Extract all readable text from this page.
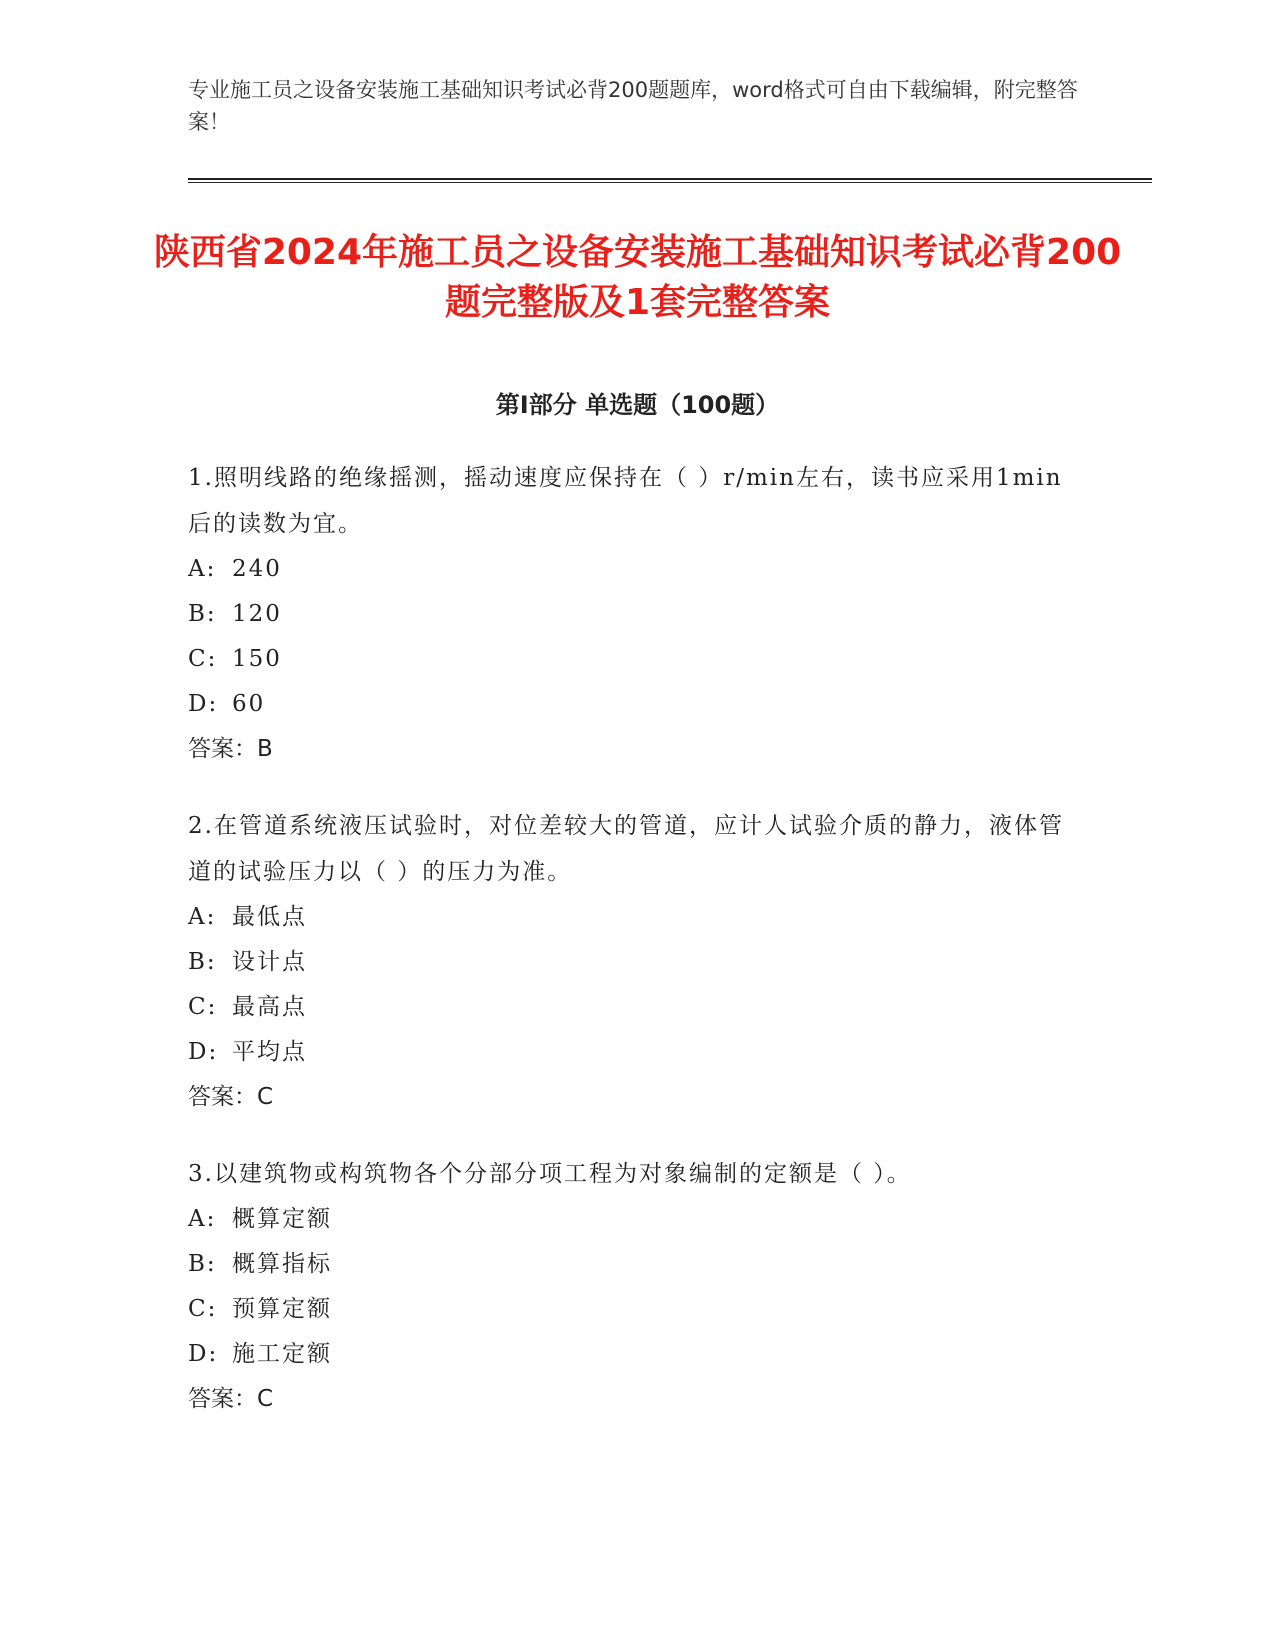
专业施工员之设备安装施工基础知识考试必背200题题库，word格式可自由下载编辑，附完整答案！
陕西省2024年施工员之设备安装施工基础知识考试必背200题完整版及1套完整答案
第Ⅰ部分 单选题（100题）
1.照明线路的绝缘摇测，摇动速度应保持在（ ）r/min左右，读书应采用1min后的读数为宜。
A: 240
B: 120
C: 150
D: 60
答案：B
2.在管道系统液压试验时，对位差较大的管道，应计人试验介质的静力，液体管道的试验压力以（ ）的压力为准。
A: 最低点
B: 设计点
C: 最高点
D: 平均点
答案：C
3.以建筑物或构筑物各个分部分项工程为对象编制的定额是（ ）。
A: 概算定额
B: 概算指标
C: 预算定额
D: 施工定额
答案：C
